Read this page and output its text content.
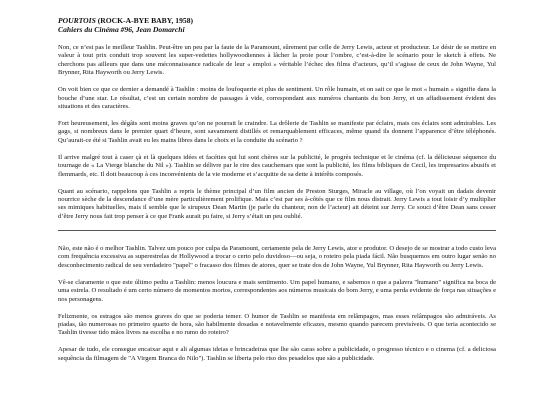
POURTOIS (ROCK-A-BYE BABY, 1958)
Cahiers du Cinéma #96, Jean Domarchi

Non, ce n’est pas le meilleur Tashlin. Peut-être un peu par la faute de la Paramount, sûrement par celle de Jerry Lewis, acteur et producteur. Le désir de se mettre en valeur à tout prix conduit trop souvent les super-vedettes hollywoodiennes à lâcher la proie pour l’ombre, c’est-à-dire le scénario pour le sketch à effets. Ne cherchons pas ailleurs que dans une méconnaissance radicale de leur « emploi » véritable l’échec des films d’acteurs, qu’il s’agisse de ceux de John Wayne, Yul Brynner, Rita Hayworth ou Jerry Lewis.

On voit bien ce que ce dernier a demandé à Tashlin : moins de loufoquerie et plus de sentiment. Un rôle humain, et on sait ce que le mot « humain » signifie dans la bouche d’une star. Le résultat, c’est un certain nombre de passages à vide, correspondant aux numéros chantants du bon Jerry, et un affadissement évident des situations et des caractères.

Fort heureusement, les dégâts sont moins graves qu’on ne pourrait le craindre. La drôlerie de Tashlin se manifeste par éclairs, mais ces éclairs sont admirables. Les gags, si nombreux dans le premier quart d’heure, sont savamment distillés et remarquablement efficaces, même quand ils donnent l’apparence d’être téléphonés. Qu’aurait-ce été si Tashlin avait eu les mains libres dans le choix et la conduite du scénario ?

Il arrive malgré tout à caser çà et là quelques idées et facéties qui lui sont chères sur la publicité, le progrès technique et le cinéma (cf. la délicieuse séquence du tournage de « La Vierge blanche du Nil »). Tashlin se délivre par le rire des cauchemars que sont la publicité, les films bibliques de Cecil, les impresarios abusifs et flemmards, etc. Il doit beaucoup à ces inconvénients de la vie moderne et s’acquitte de sa dette à intérêts composés.

Quant au scénario, rappelons que Tashlin a repris le thème principal d’un film ancien de Preston Sturges, Miracle au village, où l’on voyait un dadais devenir nourrice sèche de la descendance d’une mère particulièrement prolifique. Mais c’est par ses à-côtés que ce film nous distrait. Jerry Lewis a tout loisir d’y multiplier ses mimiques habituelles, mais il semble que le sirupeux Dean Martin (je parle du chanteur, non de l’acteur) ait déteint sur Jerry. Ce souci d’être Dean sans cesser d’être Jerry nous fait trop penser à ce que Frank aurait pu faire, si Jerry s’était un peu oublié.

Não, este não é o melhor Tashlin. Talvez um pouco por culpa da Paramount, certamente pela de Jerry Lewis, ator e produtor. O desejo de se mostrar a todo custo leva com frequência excessiva as superestrelas de Hollywood a trocar o certo pelo duvidoso—ou seja, o roteiro pela piada fácil. Não busquemos em outro lugar senão no desconhecimento radical de seu verdadeiro "papel" o fracasso dos filmes de atores, quer se trate dos de John Wayne, Yul Brynner, Rita Hayworth ou Jerry Lewis.

Vê-se claramente o que este último pediu a Tashlin: menos loucura e mais sentimento. Um papel humano, e sabemos o que a palavra "humano" significa na boca de uma estrela. O resultado é um certo número de momentos mortos, correspondentes aos números musicais do bom Jerry, e uma perda evidente de força nas situações e nos personagens.

Felizmente, os estragos são menos graves do que se poderia temer. O humor de Tashlin se manifesta em relâmpagos, mas esses relâmpagos são admiráveis. As piadas, tão numerosas no primeiro quarto de hora, são habilmente dosadas e notavelmente eficazes, mesmo quando parecem previsíveis. O que teria acontecido se Tashlin tivesse tido mãos livres na escolha e no rumo do roteiro?

Apesar de tudo, ele consegue encaixar aqui e ali algumas ideias e brincadeiras que lhe são caras sobre a publicidade, o progresso técnico e o cinema (cf. a deliciosa sequência da filmagem de "A Virgem Branca do Nilo"). Tashlin se liberta pelo riso dos pesadelos que são a publicidade.
